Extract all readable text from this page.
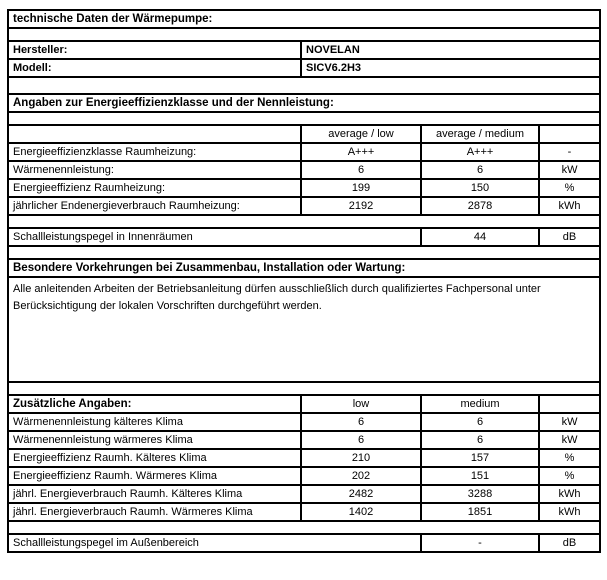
technische Daten der Wärmepumpe:			

Hersteller:	NOVELAN		
Modell:	SICV6.2H3		

Angaben zur Energieeffizienzklasse und der Nennleistung:			

	average / low	average / medium	
Energieeffizienzklasse Raumheizung:	A+++	A+++	-
Wärmenennleistung:	6	6	kW
Energieeffizienz Raumheizung:	199	150	%
jährlicher Endenergieverbrauch Raumheizung:	2192	2878	kWh

Schallleistungspegel in Innenräumen		44	dB

Besondere Vorkehrungen bei Zusammenbau, Installation oder Wartung:			
Alle anleitenden Arbeiten der Betriebsanleitung dürfen ausschließlich durch qualifiziertes Fachpersonal unter Berücksichtigung der lokalen Vorschriften durchgeführt werden.			

Zusätzliche Angaben:	low	medium	
Wärmenennleistung kälteres Klima	6	6	kW
Wärmenennleistung wärmeres Klima	6	6	kW
Energieeffizienz Raumh. Kälteres Klima	210	157	%
Energieeffizienz Raumh. Wärmeres Klima	202	151	%
jährl. Energieverbrauch Raumh. Kälteres Klima	2482	3288	kWh
jährl. Energieverbrauch Raumh. Wärmeres Klima	1402	1851	kWh

Schallleistungspegel im Außenbereich		-	dB
